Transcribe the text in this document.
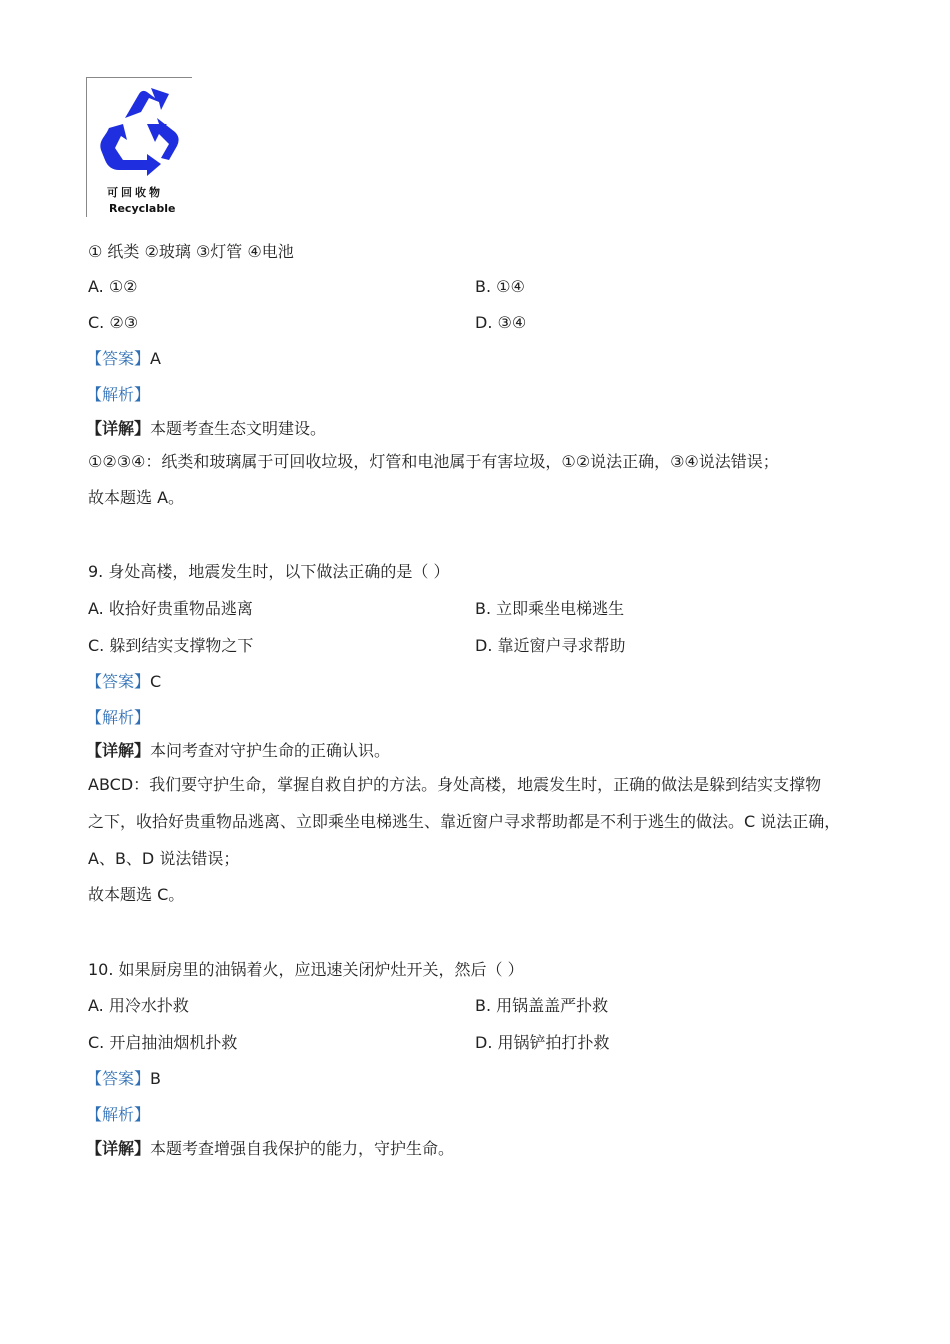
可回收物
Recyclable
① 纸类 ②玻璃 ③灯管 ④电池
A. ①②	B. ①④
C. ②③	D. ③④
【答案】A
【解析】
【详解】本题考查生态文明建设。
①②③④：纸类和玻璃属于可回收垃圾，灯管和电池属于有害垃圾，①②说法正确，③④说法错误；
故本题选 A。
9. 身处高楼，地震发生时，以下做法正确的是（ ）
A. 收拾好贵重物品逃离	B. 立即乘坐电梯逃生
C. 躲到结实支撑物之下	D. 靠近窗户寻求帮助
【答案】C
【解析】
【详解】本问考查对守护生命的正确认识。
ABCD：我们要守护生命，掌握自救自护的方法。身处高楼，地震发生时，正确的做法是躲到结实支撑物
之下，收拾好贵重物品逃离、立即乘坐电梯逃生、靠近窗户寻求帮助都是不利于逃生的做法。C 说法正确，
A、B、D 说法错误；
故本题选 C。
10. 如果厨房里的油锅着火，应迅速关闭炉灶开关，然后（ ）
A. 用冷水扑救	B. 用锅盖盖严扑救
C. 开启抽油烟机扑救	D. 用锅铲拍打扑救
【答案】B
【解析】
【详解】本题考查增强自我保护的能力，守护生命。
